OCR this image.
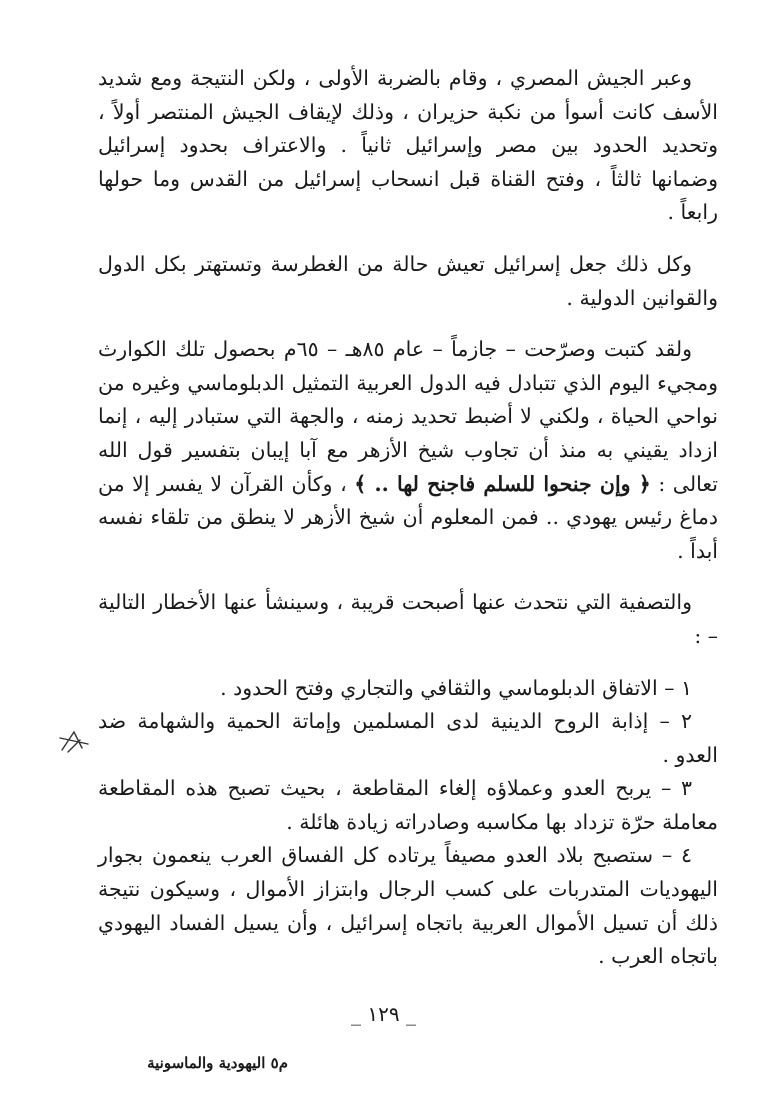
وعبر الجيش المصري ، وقام بالضربة الأولى ، ولكن النتيجة ومع شديد الأسف كانت أسوأ من نكبة حزيران ، وذلك لإيقاف الجيش المنتصر أولاً ، وتحديد الحدود بين مصر وإسرائيل ثانياً . والاعتراف بحدود إسرائيل وضمانها ثالثاً ، وفتح القناة قبل انسحاب إسرائيل من القدس وما حولها رابعاً .

وكل ذلك جعل إسرائيل تعيش حالة من الغطرسة وتستهتر بكل الدول والقوانين الدولية .

ولقد كتبت وصرّحت – جازماً – عام ٨٥هـ – ٦٥م بحصول تلك الكوارث ومجيء اليوم الذي تتبادل فيه الدول العربية التمثيل الدبلوماسي وغيره من نواحي الحياة ، ولكني لا أضبط تحديد زمنه ، والجهة التي ستبادر إليه ، إنما ازداد يقيني به منذ أن تجاوب شيخ الأزهر مع آبا إيبان بتفسير قول الله تعالى : ﴿ وإن جنحوا للسلم فاجنح لها .. ﴾ ، وكأن القرآن لا يفسر إلا من دماغ رئيس يهودي .. فمن المعلوم أن شيخ الأزهر لا ينطق من تلقاء نفسه أبداً .

والتصفية التي نتحدث عنها أصبحت قريبة ، وسينشأ عنها الأخطار التالية – :

١ – الاتفاق الدبلوماسي والثقافي والتجاري وفتح الحدود .

٢ – إذابة الروح الدينية لدى المسلمين وإماتة الحمية والشهامة ضد العدو .

٣ – يربح العدو وعملاؤه إلغاء المقاطعة ، بحيث تصبح هذه المقاطعة معاملة حرّة تزداد بها مكاسبه وصادراته زيادة هائلة .

٤ – ستصبح بلاد العدو مصيفاً يرتاده كل الفساق العرب ينعمون بجوار اليهوديات المتدربات على كسب الرجال وابتزاز الأموال ، وسيكون نتيجة ذلك أن تسيل الأموال العربية باتجاه إسرائيل ، وأن يسيل الفساد اليهودي باتجاه العرب .

_ ١٢٩ _
م٥ اليهودية والماسونية
